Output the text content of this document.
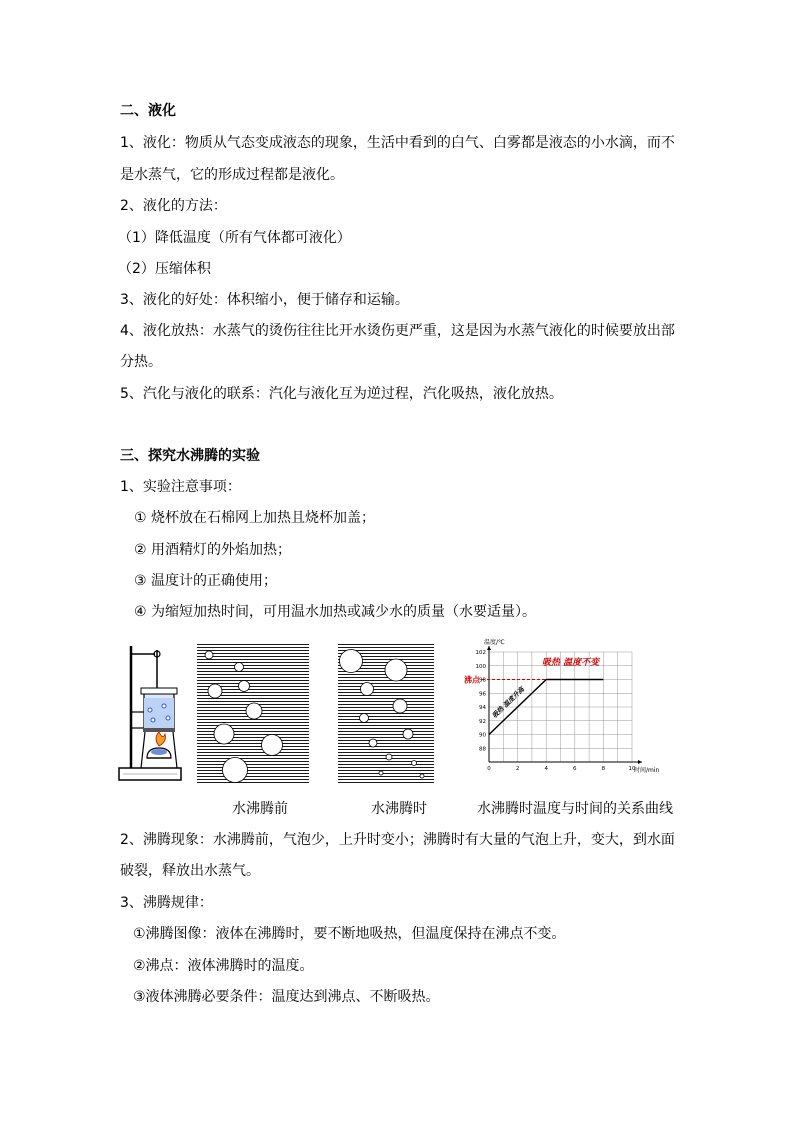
二、液化
1、液化：物质从气态变成液态的现象，生活中看到的白气、白雾都是液态的小水滴，而不
是水蒸气，它的形成过程都是液化。
2、液化的方法：
（1）降低温度（所有气体都可液化）
（2）压缩体积
3、液化的好处：体积缩小，便于储存和运输。
4、液化放热：水蒸气的烫伤往往比开水烫伤更严重，这是因为水蒸气液化的时候要放出部
分热。
5、汽化与液化的联系：汽化与液化互为逆过程，汽化吸热，液化放热。
三、探究水沸腾的实验
1、实验注意事项：
① 烧杯放在石棉网上加热且烧杯加盖；
② 用酒精灯的外焰加热；
③ 温度计的正确使用；
④ 为缩短加热时间，可用温水加热或减少水的质量（水要适量）。
0	2	4	6	8	10
88
90
92
94
96
98
100
102
温度/℃
时间/min
沸点
吸热 温度升高
吸热 温度不变
水沸腾前	水沸腾时	水沸腾时温度与时间的关系曲线
2、沸腾现象：水沸腾前，气泡少，上升时变小；沸腾时有大量的气泡上升，变大，到水面
破裂，释放出水蒸气。
3、沸腾规律：
①沸腾图像：液体在沸腾时，要不断地吸热，但温度保持在沸点不变。
②沸点：液体沸腾时的温度。
③液体沸腾必要条件：温度达到沸点、不断吸热。
